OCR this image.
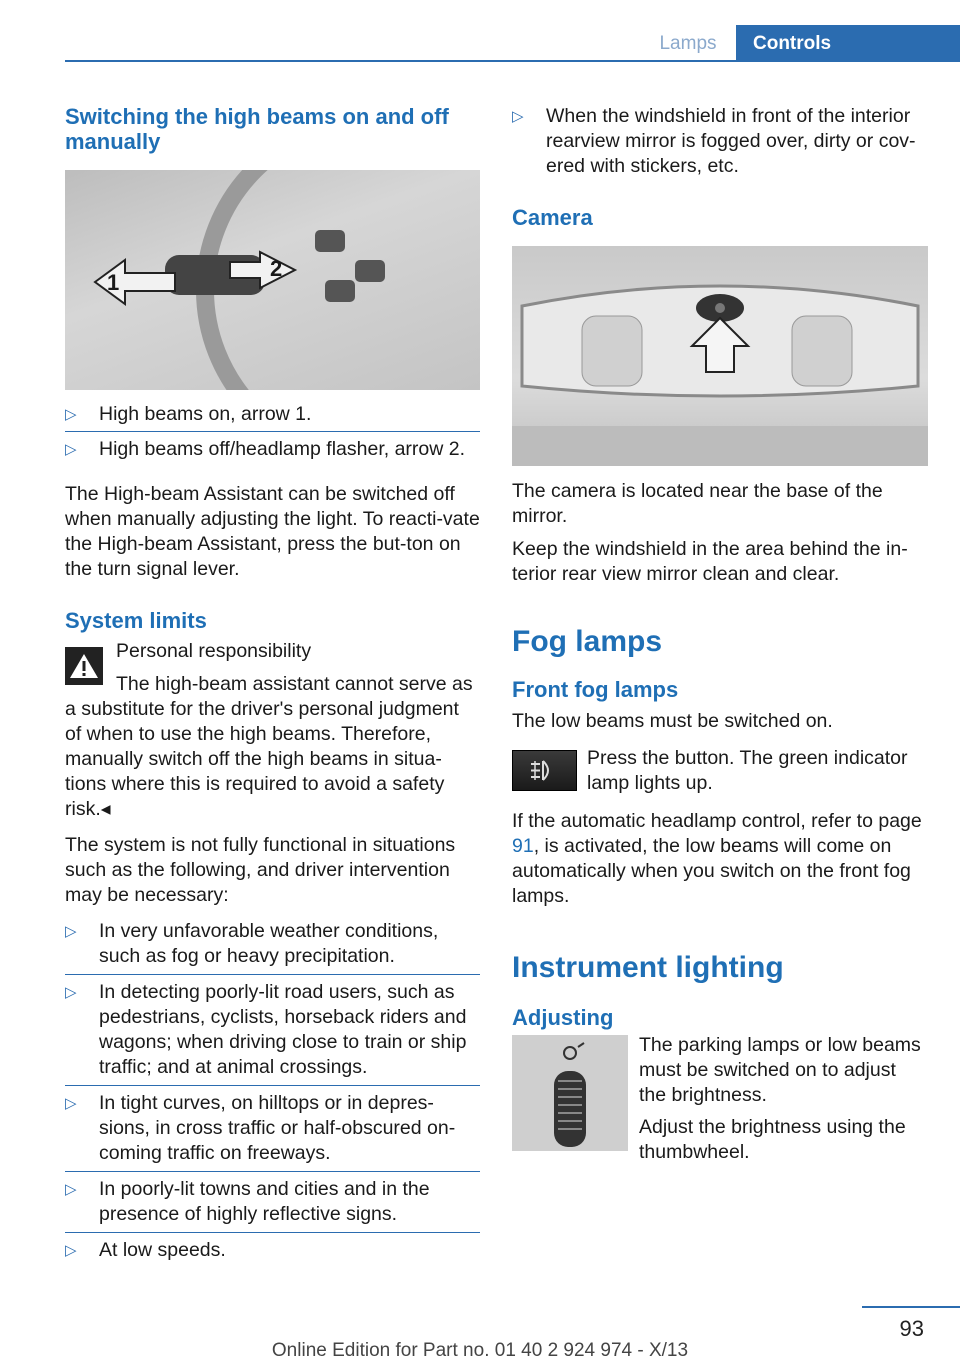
Lamps	Controls
Switching the high beams on and off manually
1
2
▷	High beams on, arrow 1.
▷	High beams off/headlamp flasher, arrow 2.

The High-beam Assistant can be switched off when manually adjusting the light. To reacti-vate the High-beam Assistant, press the but-ton on the turn signal lever.

System limits

Personal responsibility

The high-beam assistant cannot serve as a substitute for the driver's personal judgment of when to use the high beams. Therefore, manually switch off the high beams in situa-tions where this is required to avoid a safety risk.◂

The system is not fully functional in situations such as the following, and driver intervention may be necessary:

▷	In very unfavorable weather conditions, such as fog or heavy precipitation.
▷	In detecting poorly-lit road users, such as pedestrians, cyclists, horseback riders and wagons; when driving close to train or ship traffic; and at animal crossings.
▷	In tight curves, on hilltops or in depres-sions, in cross traffic or half-obscured on-coming traffic on freeways.
▷	In poorly-lit towns and cities and in the presence of highly reflective signs.
▷	At low speeds.
▷	When the windshield in front of the interior rearview mirror is fogged over, dirty or cov-ered with stickers, etc.
Camera

The camera is located near the base of the mirror.

Keep the windshield in the area behind the in-terior rear view mirror clean and clear.

Fog lamps
Front fog lamps

The low beams must be switched on.

Press the button. The green indicator lamp lights up.

If the automatic headlamp control, refer to page 91, is activated, the low beams will come on automatically when you switch on the front fog lamps.

Instrument lighting
Adjusting

The parking lamps or low beams must be switched on to adjust the brightness.

Adjust the brightness using the thumbwheel.

93
Online Edition for Part no. 01 40 2 924 974 - X/13
